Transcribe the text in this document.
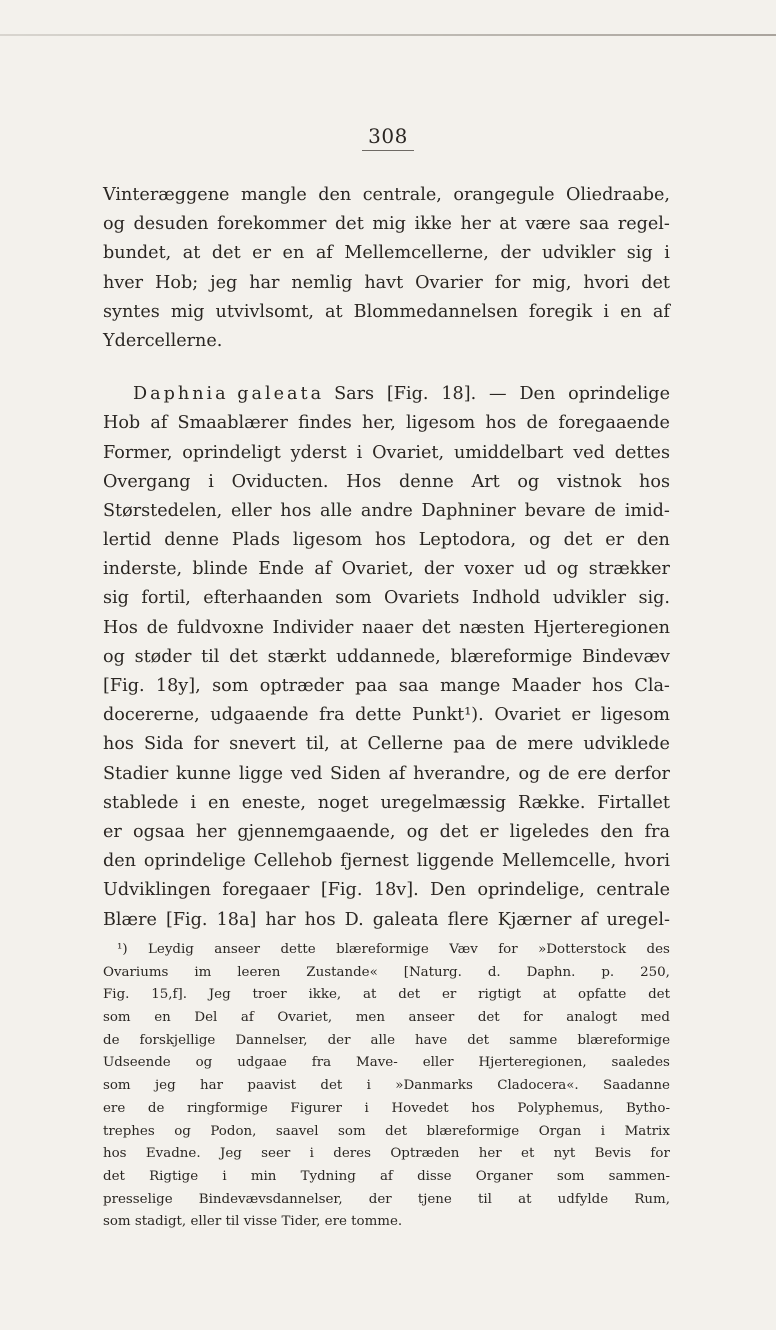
308
Vinteræggene mangle den centrale, orangegule Oliedraabe,
og desuden forekommer det mig ikke her at være saa regel-
bundet, at det er en af Mellemcellerne, der udvikler sig i
hver Hob; jeg har nemlig havt Ovarier for mig, hvori det
syntes mig utvivlsomt, at Blommedannelsen foregik i en af
Ydercellerne.
Daphnia galeata Sars [Fig. 18]. — Den oprindelige
Hob af Smaablærer findes her, ligesom hos de foregaaende
Former, oprindeligt yderst i Ovariet, umiddelbart ved dettes
Overgang i Oviducten. Hos denne Art og vistnok hos
Størstedelen, eller hos alle andre Daphniner bevare de imid-
lertid denne Plads ligesom hos Leptodora, og det er den
inderste, blinde Ende af Ovariet, der voxer ud og strækker
sig fortil, efterhaanden som Ovariets Indhold udvikler sig.
Hos de fuldvoxne Individer naaer det næsten Hjerteregionen
og støder til det stærkt uddannede, blæreformige Bindevæv
[Fig. 18y], som optræder paa saa mange Maader hos Cla-
docererne, udgaaende fra dette Punkt¹). Ovariet er ligesom
hos Sida for snevert til, at Cellerne paa de mere udviklede
Stadier kunne ligge ved Siden af hverandre, og de ere derfor
stablede i en eneste, noget uregelmæssig Række. Firtallet
er ogsaa her gjennemgaaende, og det er ligeledes den fra
den oprindelige Cellehob fjernest liggende Mellemcelle, hvori
Udviklingen foregaaer [Fig. 18v]. Den oprindelige, centrale
Blære [Fig. 18a] har hos D. galeata flere Kjærner af uregel-
¹) Leydig anseer dette blæreformige Væv for »Dotterstock des
Ovariums im leeren Zustande« [Naturg. d. Daphn. p. 250,
Fig. 15,f]. Jeg troer ikke, at det er rigtigt at opfatte det
som en Del af Ovariet, men anseer det for analogt med
de forskjellige Dannelser, der alle have det samme blæreformige
Udseende og udgaae fra Mave- eller Hjerteregionen, saaledes
som jeg har paavist det i »Danmarks Cladocera«. Saadanne
ere de ringformige Figurer i Hovedet hos Polyphemus, Bytho-
trephes og Podon, saavel som det blæreformige Organ i Matrix
hos Evadne. Jeg seer i deres Optræden her et nyt Bevis for
det Rigtige i min Tydning af disse Organer som sammen-
presselige Bindevævsdannelser, der tjene til at udfylde Rum,
som stadigt, eller til visse Tider, ere tomme.
